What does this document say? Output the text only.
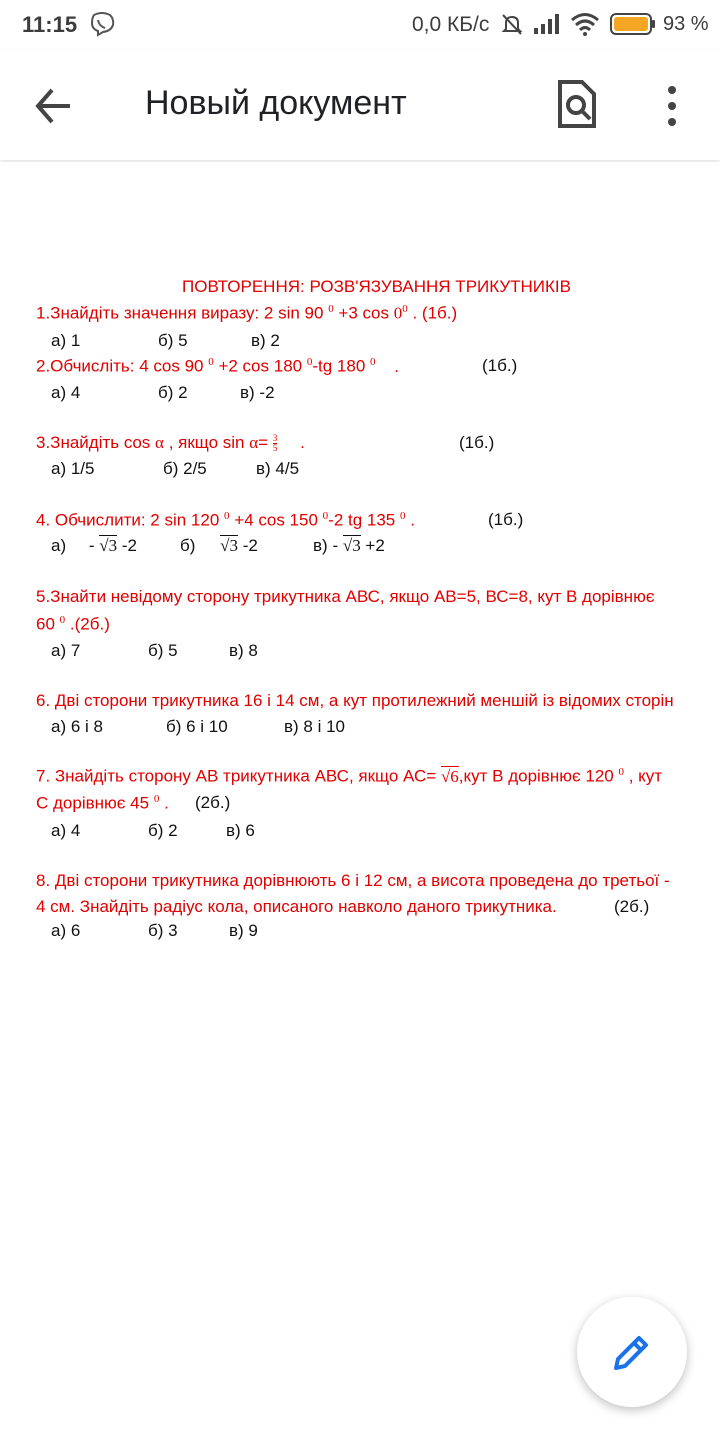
11:15	0,0 КБ/с	93 %
Новый документ
ПОВТОРЕННЯ: РОЗВ'ЯЗУВАННЯ ТРИКУТНИКІВ
1.Знайдіть значення виразу: 2 sin 90 $^0$ +3 $\cos 0^0$ . (1б.)
а) 1	б) 5	в) 2
2.Обчисліть: 4 cos 90 $^0$ +2 cos 180 $^0$-tg 180 $^0$ .	(1б.)
а) 4	б) 2	в) -2
3.Знайдіть cos α , якщо $\sin \alpha= \frac{3}{5}$ .	(1б.)
а) 1/5	б) 2/5	в) 4/5
4. Обчислити: 2 sin 120 $^0$ +4 cos 150 $^0$-2 tg 135 $^0$ .	(1б.)
а) - √3 -2	б) √3 -2	в) - √3 +2
5.Знайти невідому сторону трикутника АВС, якщо АВ=5, ВС=8, кут В дорівнює
60 $^0$ .(2б.)
а) 7	б) 5	в) 8
6. Дві сторони трикутника 16 і 14 см, а кут протилежний меншій із відомих сторін
а) 6 і 8	б) 6 і 10	в) 8 і 10
7. Знайдіть сторону АВ трикутника АВС, якщо АС= √6,кут В дорівнює 120 $^0$ , кут
С дорівнює 45 $^0$ . (2б.)
а) 4	б) 2	в) 6
8. Дві сторони трикутника дорівнюють 6 і 12 см, а висота проведена до третьої -
4 см. Знайдіть радіус кола, описаного навколо даного трикутника.	(2б.)
а) 6	б) 3	в) 9
